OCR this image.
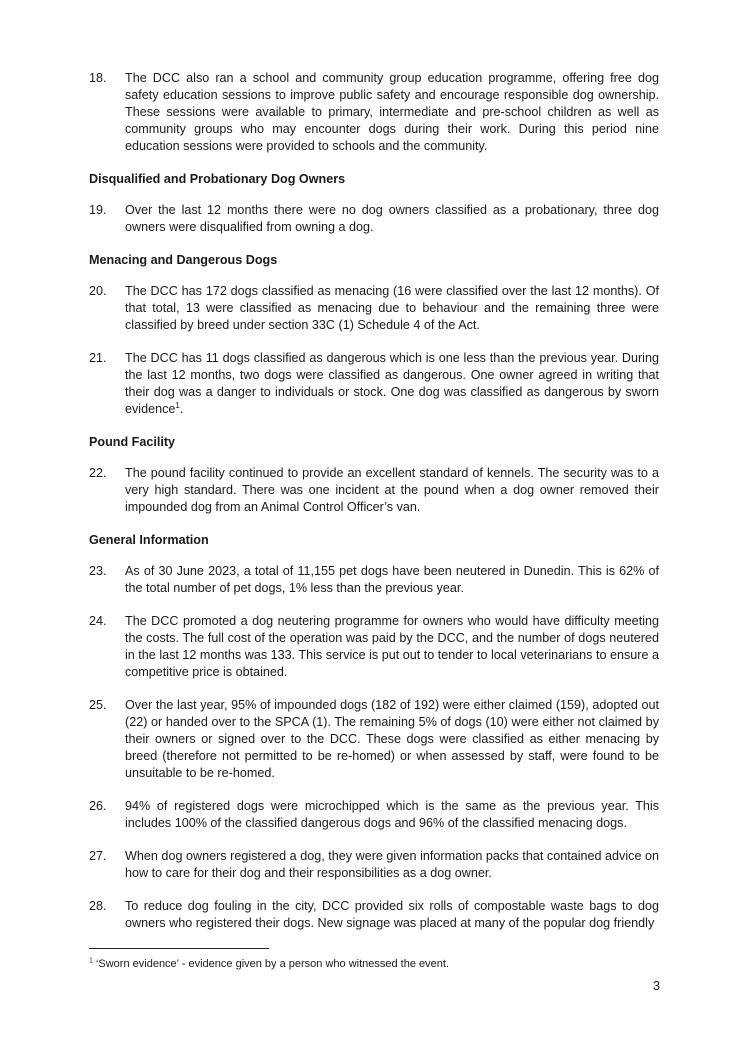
18.	The DCC also ran a school and community group education programme, offering free dog safety education sessions to improve public safety and encourage responsible dog ownership. These sessions were available to primary, intermediate and pre-school children as well as community groups who may encounter dogs during their work. During this period nine education sessions were provided to schools and the community.
Disqualified and Probationary Dog Owners
19.	Over the last 12 months there were no dog owners classified as a probationary, three dog owners were disqualified from owning a dog.
Menacing and Dangerous Dogs
20.	The DCC has 172 dogs classified as menacing (16 were classified over the last 12 months). Of that total, 13 were classified as menacing due to behaviour and the remaining three were classified by breed under section 33C (1) Schedule 4 of the Act.
21.	The DCC has 11 dogs classified as dangerous which is one less than the previous year. During the last 12 months, two dogs were classified as dangerous. One owner agreed in writing that their dog was a danger to individuals or stock. One dog was classified as dangerous by sworn evidence$^1$.
Pound Facility
22.	The pound facility continued to provide an excellent standard of kennels. The security was to a very high standard. There was one incident at the pound when a dog owner removed their impounded dog from an Animal Control Officer’s van.
General Information
23.	As of 30 June 2023, a total of 11,155 pet dogs have been neutered in Dunedin. This is 62% of the total number of pet dogs, 1% less than the previous year.
24.	The DCC promoted a dog neutering programme for owners who would have difficulty meeting the costs. The full cost of the operation was paid by the DCC, and the number of dogs neutered in the last 12 months was 133. This service is put out to tender to local veterinarians to ensure a competitive price is obtained.
25.	Over the last year, 95% of impounded dogs (182 of 192) were either claimed (159), adopted out (22) or handed over to the SPCA (1). The remaining 5% of dogs (10) were either not claimed by their owners or signed over to the DCC. These dogs were classified as either menacing by breed (therefore not permitted to be re-homed) or when assessed by staff, were found to be unsuitable to be re-homed.
26.	94% of registered dogs were microchipped which is the same as the previous year. This includes 100% of the classified dangerous dogs and 96% of the classified menacing dogs.
27.	When dog owners registered a dog, they were given information packs that contained advice on how to care for their dog and their responsibilities as a dog owner.
28.	To reduce dog fouling in the city, DCC provided six rolls of compostable waste bags to dog owners who registered their dogs. New signage was placed at many of the popular dog friendly
$^1$ ‘Sworn evidence’ - evidence given by a person who witnessed the event.
3
